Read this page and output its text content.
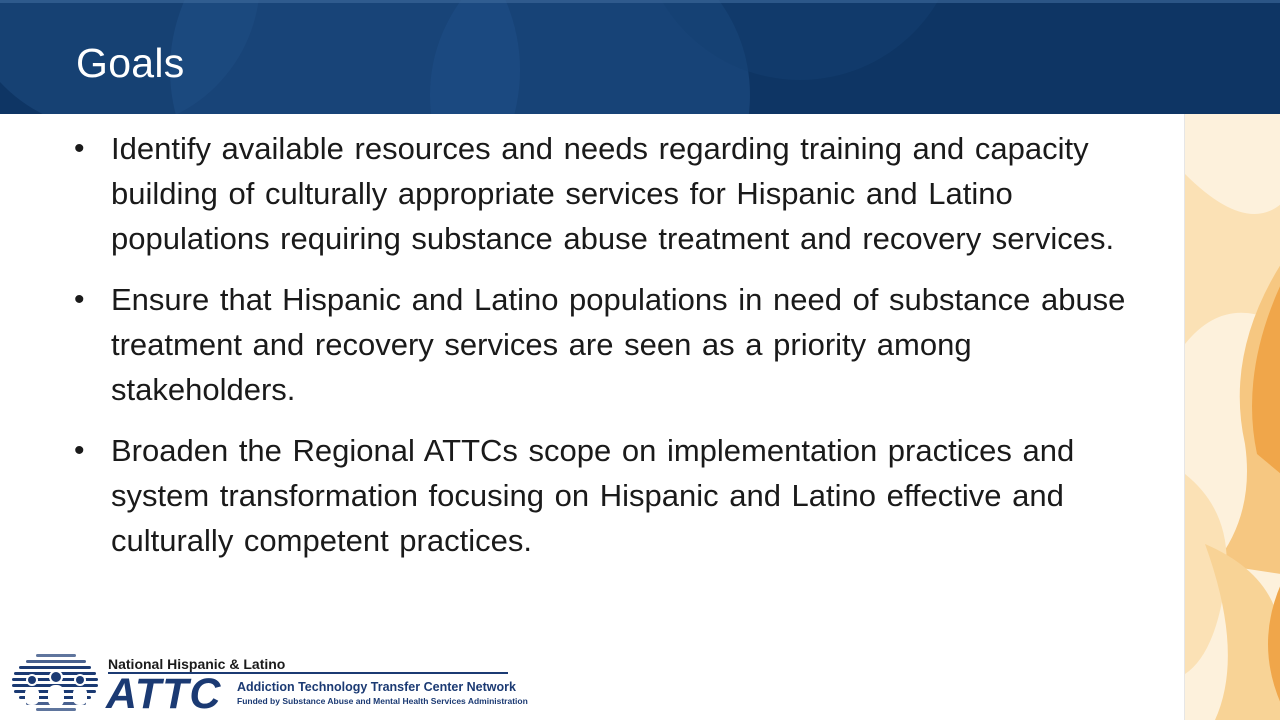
Goals
• Identify available resources and needs regarding training and capacity building of culturally appropriate services for Hispanic and Latino populations requiring substance abuse treatment and recovery services.
• Ensure that Hispanic and Latino populations in need of substance abuse treatment and recovery services are seen as a priority among stakeholders.
• Broaden the Regional ATTCs scope on implementation practices and system transformation focusing on Hispanic and Latino effective and culturally competent practices.
National Hispanic & Latino
ATTC Addiction Technology Transfer Center Network
Funded by Substance Abuse and Mental Health Services Administration
